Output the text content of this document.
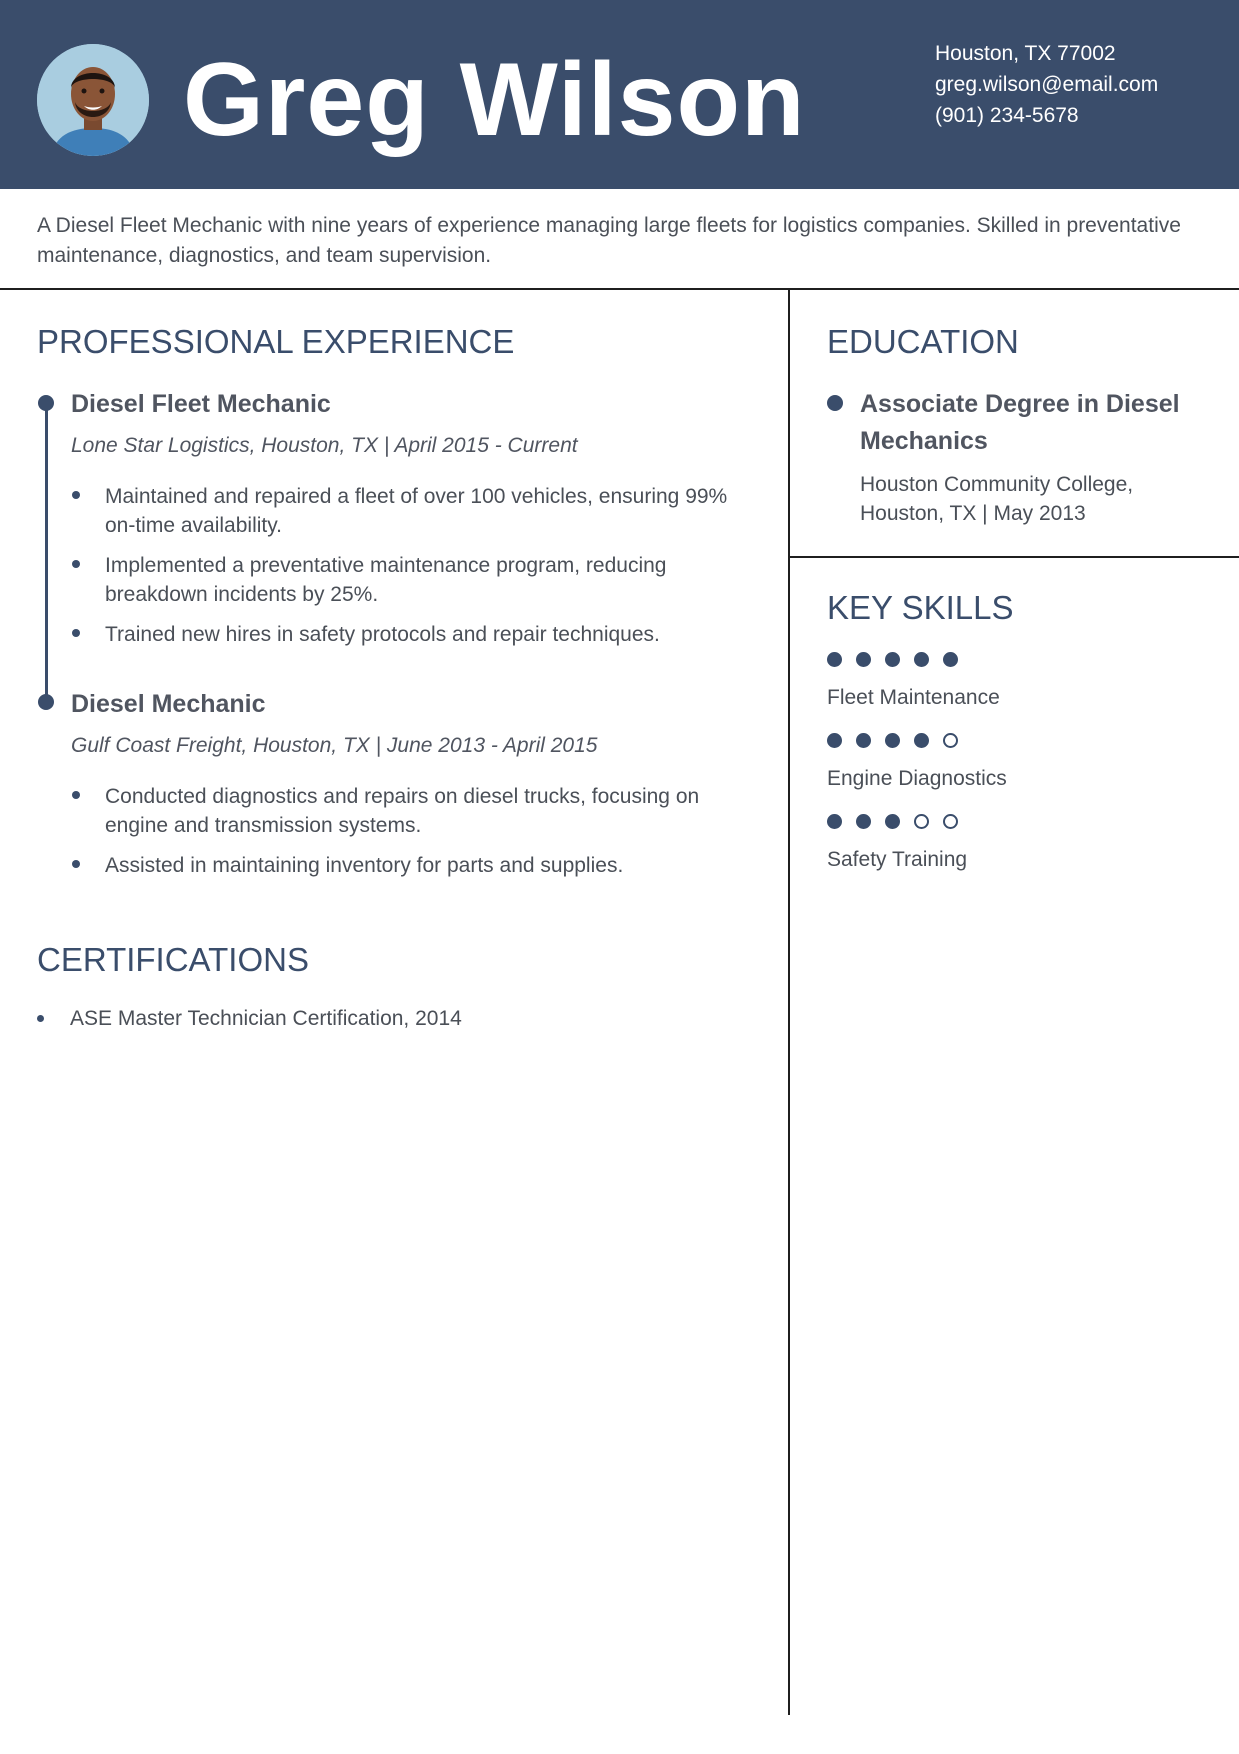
Greg Wilson	Houston, TX 77002
greg.wilson@email.com
(901) 234-5678
A Diesel Fleet Mechanic with nine years of experience managing large fleets for logistics companies. Skilled in preventative maintenance, diagnostics, and team supervision.
PROFESSIONAL EXPERIENCE
Diesel Fleet Mechanic
Lone Star Logistics, Houston, TX | April 2015 - Current
Maintained and repaired a fleet of over 100 vehicles, ensuring 99% on-time availability.
Implemented a preventative maintenance program, reducing breakdown incidents by 25%.
Trained new hires in safety protocols and repair techniques.
Diesel Mechanic
Gulf Coast Freight, Houston, TX | June 2013 - April 2015
Conducted diagnostics and repairs on diesel trucks, focusing on engine and transmission systems.
Assisted in maintaining inventory for parts and supplies.
CERTIFICATIONS
ASE Master Technician Certification, 2014
EDUCATION
Associate Degree in Diesel Mechanics
Houston Community College, Houston, TX | May 2013
KEY SKILLS
Fleet Maintenance
Engine Diagnostics
Safety Training
